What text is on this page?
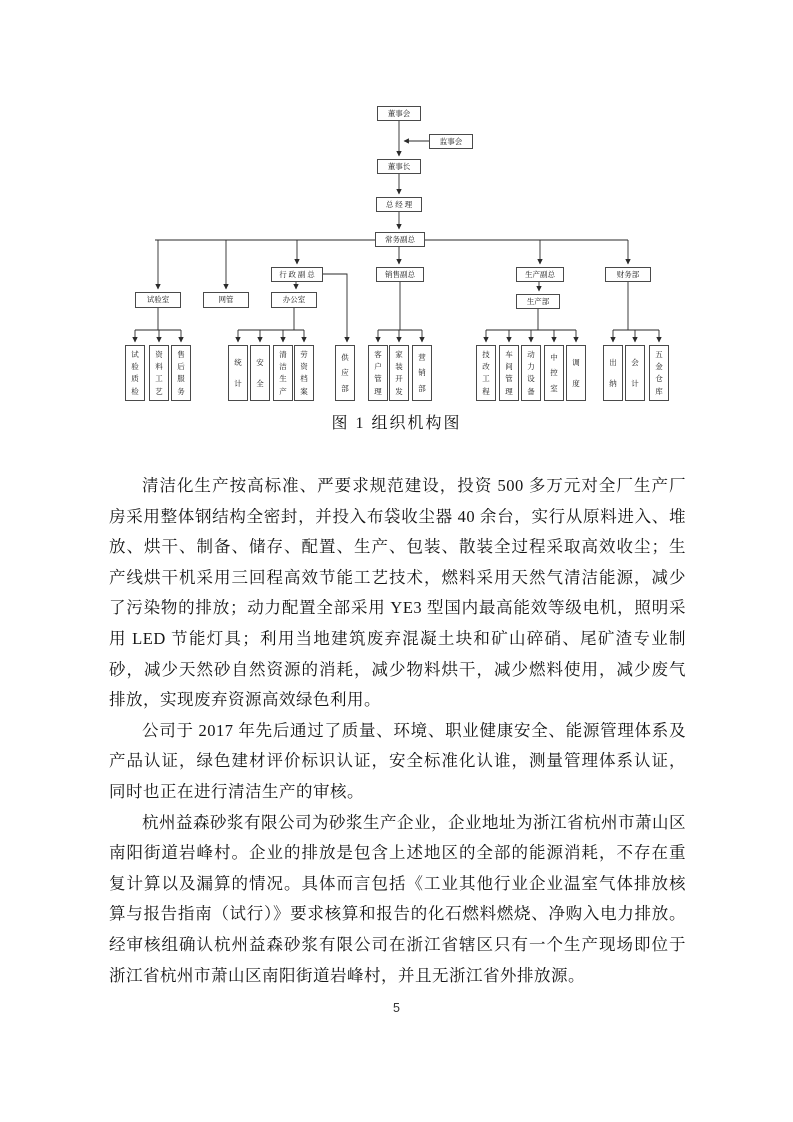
董事会
监事会
董事长
总 经 理
常务副总
行 政 副 总	销售副总	生产副总	财务部
试验室	网管	办公室	生产部
试
验
质
检
资
料
工
艺
售
后
服
务
统
计
安
全
清
洁
生
产
劳
资
档
案
供
应
部
客
户
管
理
家
装
开
发
营
销
部
技
改
工
程
车
间
管
理
动
力
设
备
中
控
室
调
度
出
纳
会
计
五
金
仓
库
图 1 组织机构图

清洁化生产按高标准、严要求规范建设，投资 500 多万元对全厂生产厂房采用整体钢结构全密封，并投入布袋收尘器 40 余台，实行从原料进入、堆放、烘干、制备、储存、配置、生产、包装、散装全过程采取高效收尘；生产线烘干机采用三回程高效节能工艺技术，燃料采用天然气清洁能源，减少了污染物的排放；动力配置全部采用 YE3 型国内最高能效等级电机，照明采用 LED 节能灯具；利用当地建筑废弃混凝土块和矿山碎硝、尾矿渣专业制砂，减少天然砂自然资源的消耗，减少物料烘干，减少燃料使用，减少废气排放，实现废弃资源高效绿色利用。

公司于 2017 年先后通过了质量、环境、职业健康安全、能源管理体系及产品认证，绿色建材评价标识认证，安全标准化认谁，测量管理体系认证，同时也正在进行清洁生产的审核。

杭州益森砂浆有限公司为砂浆生产企业，企业地址为浙江省杭州市萧山区南阳街道岩峰村。企业的排放是包含上述地区的全部的能源消耗，不存在重复计算以及漏算的情况。具体而言包括《工业其他行业企业温室气体排放核算与报告指南（试行）》要求核算和报告的化石燃料燃烧、净购入电力排放。经审核组确认杭州益森砂浆有限公司在浙江省辖区只有一个生产现场即位于浙江省杭州市萧山区南阳街道岩峰村，并且无浙江省外排放源。

5
